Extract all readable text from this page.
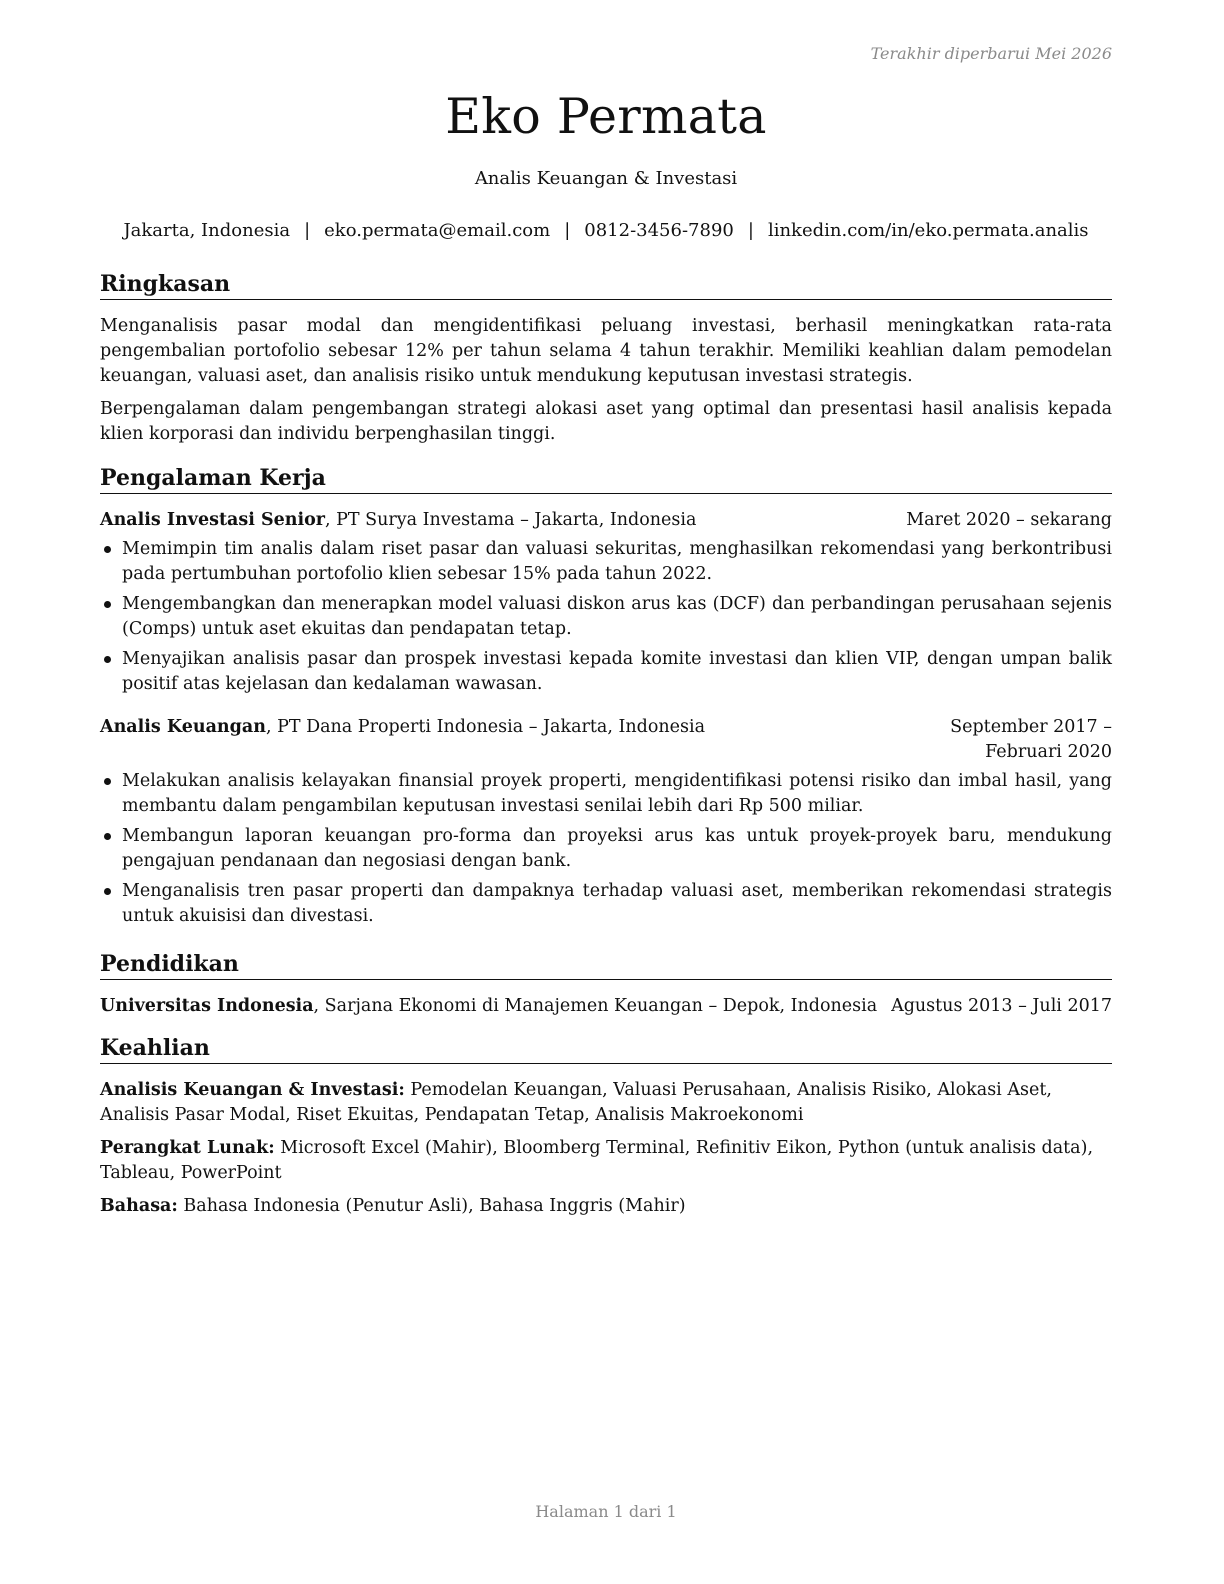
Terakhir diperbarui Mei 2026
Eko Permata
Analis Keuangan & Investasi
Jakarta, Indonesia | eko.permata@email.com | 0812-3456-7890 | linkedin.com/in/eko.permata.analis
Ringkasan

Menganalisis pasar modal dan mengidentifikasi peluang investasi, berhasil meningkatkan rata-rata pengembalian portofolio sebesar 12% per tahun selama 4 tahun terakhir. Memiliki keahlian dalam pemodelan keuangan, valuasi aset, dan analisis risiko untuk mendukung keputusan investasi strategis.

Berpengalaman dalam pengembangan strategi alokasi aset yang optimal dan presentasi hasil analisis kepada klien korporasi dan individu berpenghasilan tinggi.

Pengalaman Kerja
Analis Investasi Senior, PT Surya Investama – Jakarta, Indonesia	Maret 2020 – sekarang
Memimpin tim analis dalam riset pasar dan valuasi sekuritas, menghasilkan rekomendasi yang berkontribusi pada pertumbuhan portofolio klien sebesar 15% pada tahun 2022.
Mengembangkan dan menerapkan model valuasi diskon arus kas (DCF) dan perbandingan perusahaan sejenis (Comps) untuk aset ekuitas dan pendapatan tetap.
Menyajikan analisis pasar dan prospek investasi kepada komite investasi dan klien VIP, dengan umpan balik positif atas kejelasan dan kedalaman wawasan.
Analis Keuangan, PT Dana Properti Indonesia – Jakarta, Indonesia	September 2017 – Februari 2020
Melakukan analisis kelayakan finansial proyek properti, mengidentifikasi potensi risiko dan imbal hasil, yang membantu dalam pengambilan keputusan investasi senilai lebih dari Rp 500 miliar.
Membangun laporan keuangan pro-forma dan proyeksi arus kas untuk proyek-proyek baru, mendukung pengajuan pendanaan dan negosiasi dengan bank.
Menganalisis tren pasar properti dan dampaknya terhadap valuasi aset, memberikan rekomendasi strategis untuk akuisisi dan divestasi.
Pendidikan
Universitas Indonesia, Sarjana Ekonomi di Manajemen Keuangan – Depok, Indonesia Agustus 2013 – Juli 2017
Keahlian
Analisis Keuangan & Investasi: Pemodelan Keuangan, Valuasi Perusahaan, Analisis Risiko, Alokasi Aset, Analisis Pasar Modal, Riset Ekuitas, Pendapatan Tetap, Analisis Makroekonomi
Perangkat Lunak: Microsoft Excel (Mahir), Bloomberg Terminal, Refinitiv Eikon, Python (untuk analisis data), Tableau, PowerPoint
Bahasa: Bahasa Indonesia (Penutur Asli), Bahasa Inggris (Mahir)
Halaman 1 dari 1
